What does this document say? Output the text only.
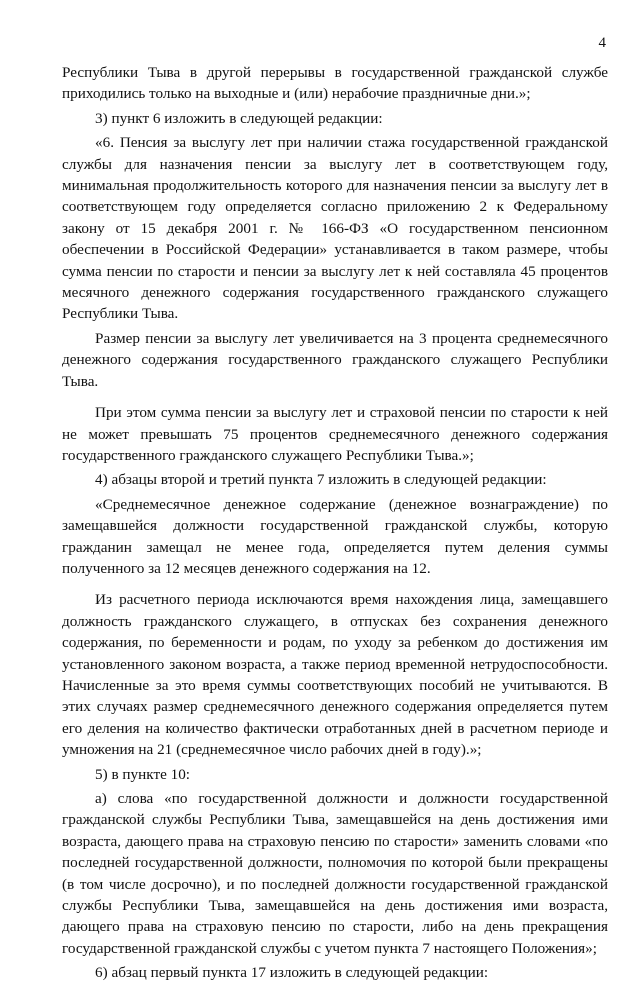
4

Республики Тыва в другой перерывы в государственной гражданской службе приходились только на выходные и (или) нерабочие праздничные дни.»;

3) пункт 6 изложить в следующей редакции:

«6. Пенсия за выслугу лет при наличии стажа государственной гражданской службы для назначения пенсии за выслугу лет в соответствующем году, минимальная продолжительность которого для назначения пенсии за выслугу лет в соответствующем году определяется согласно приложению 2 к Федеральному закону от 15 декабря 2001 г. № 166-ФЗ «О государственном пенсионном обеспечении в Российской Федерации» устанавливается в таком размере, чтобы сумма пенсии по старости и пенсии за выслугу лет к ней составляла 45 процентов месячного денежного содержания государственного гражданского служащего Республики Тыва.

Размер пенсии за выслугу лет увеличивается на 3 процента среднемесячного денежного содержания государственного гражданского служащего Республики Тыва.

При этом сумма пенсии за выслугу лет и страховой пенсии по старости к ней не может превышать 75 процентов среднемесячного денежного содержания государственного гражданского служащего Республики Тыва.»;

4) абзацы второй и третий пункта 7 изложить в следующей редакции:

«Среднемесячное денежное содержание (денежное вознаграждение) по замещавшейся должности государственной гражданской службы, которую гражданин замещал не менее года, определяется путем деления суммы полученного за 12 месяцев денежного содержания на 12.

Из расчетного периода исключаются время нахождения лица, замещавшего должность гражданского служащего, в отпусках без сохранения денежного содержания, по беременности и родам, по уходу за ребенком до достижения им установленного законом возраста, а также период временной нетрудоспособности. Начисленные за это время суммы соответствующих пособий не учитываются. В этих случаях размер среднемесячного денежного содержания определяется путем его деления на количество фактически отработанных дней в расчетном периоде и умножения на 21 (среднемесячное число рабочих дней в году).»;

5) в пункте 10:

а) слова «по государственной должности и должности государственной гражданской службы Республики Тыва, замещавшейся на день достижения ими возраста, дающего права на страховую пенсию по старости» заменить словами «по последней государственной должности, полномочия по которой были прекращены (в том числе досрочно), и по последней должности государственной гражданской службы Республики Тыва, замещавшейся на день достижения ими возраста, дающего права на страховую пенсию по старости, либо на день прекращения государственной гражданской службы с учетом пункта 7 настоящего Положения»;

6) абзац первый пункта 17 изложить в следующей редакции:
